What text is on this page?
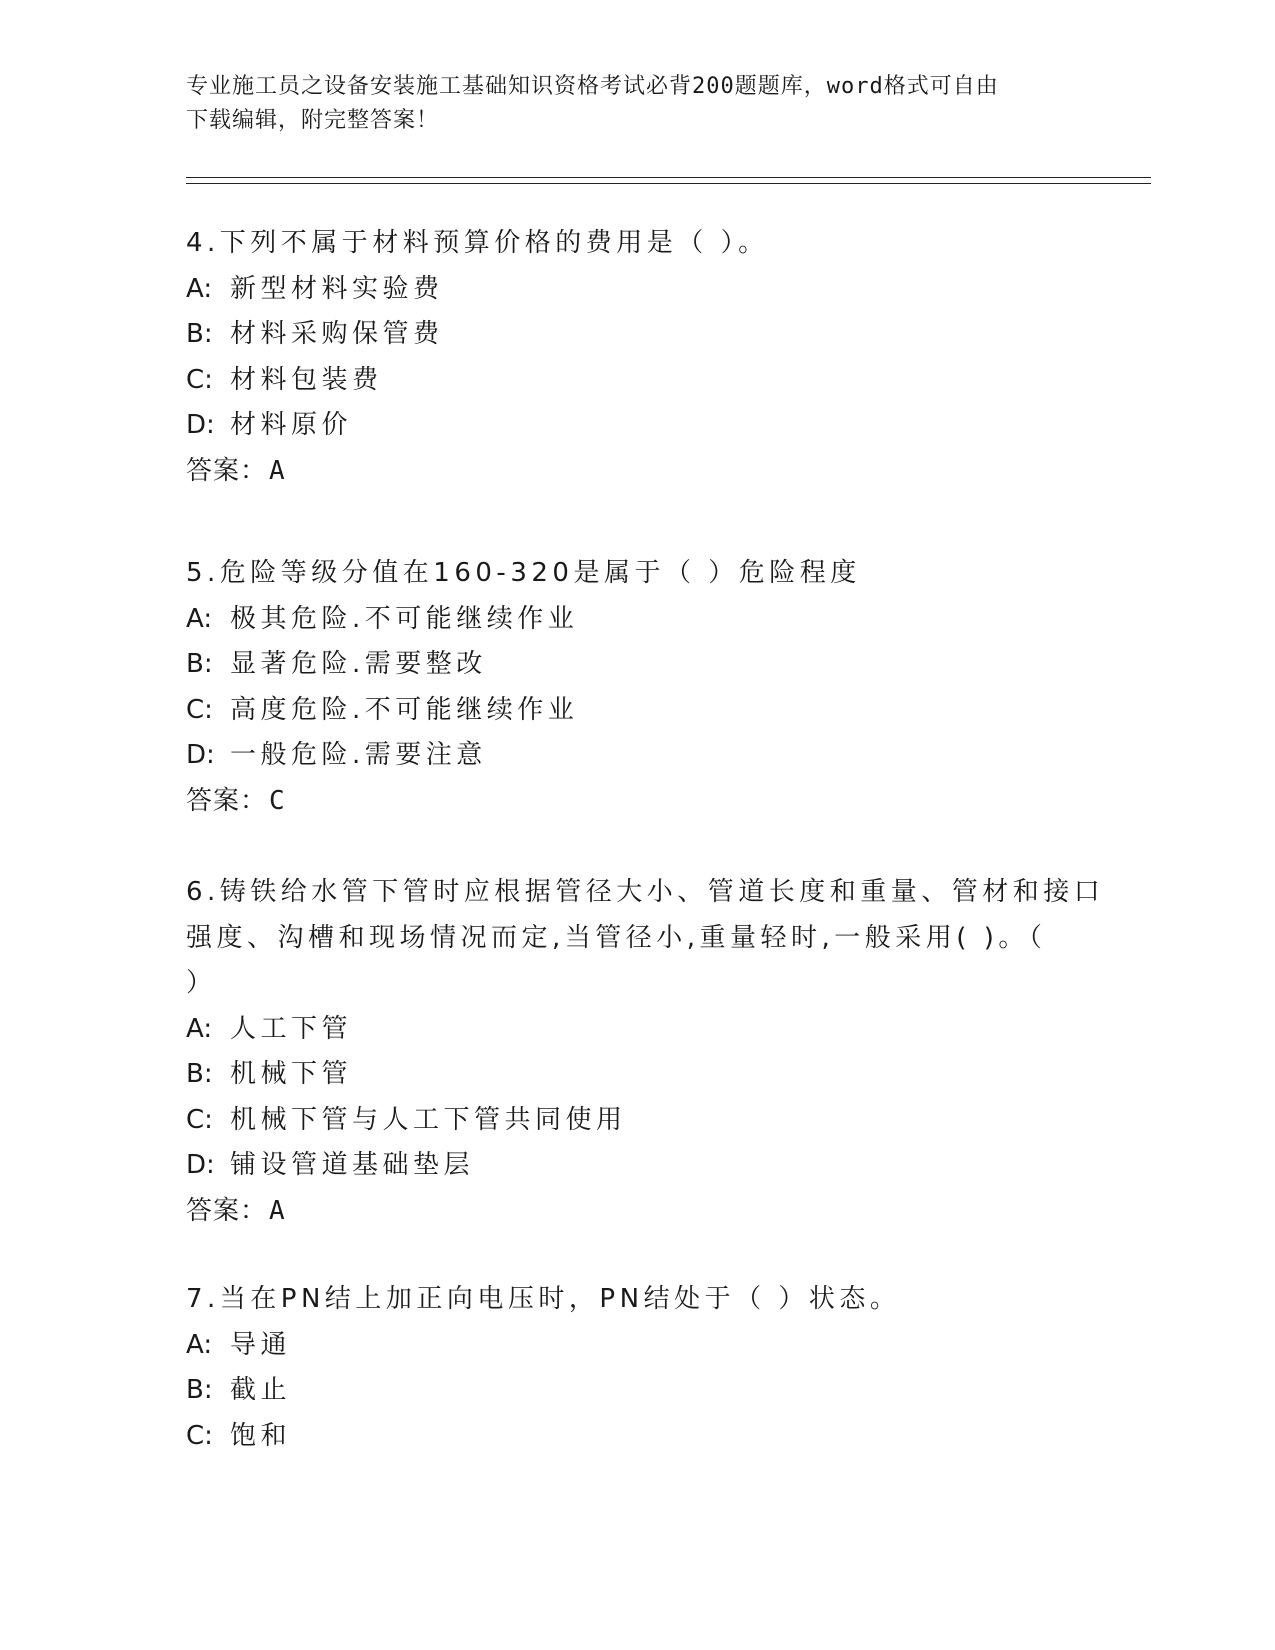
专业施工员之设备安装施工基础知识资格考试必背200题题库，word格式可自由
下载编辑，附完整答案！
4.下列不属于材料预算价格的费用是（ ）。
A: 新型材料实验费
B: 材料采购保管费
C: 材料包装费
D: 材料原价
答案：A
5.危险等级分值在160-320是属于（ ）危险程度
A: 极其危险.不可能继续作业
B: 显著危险.需要整改
C: 高度危险.不可能继续作业
D: 一般危险.需要注意
答案：C
6.铸铁给水管下管时应根据管径大小、管道长度和重量、管材和接口
强度、沟槽和现场情况而定,当管径小,重量轻时,一般采用( )。（
）
A: 人工下管
B: 机械下管
C: 机械下管与人工下管共同使用
D: 铺设管道基础垫层
答案：A
7.当在PN结上加正向电压时，PN结处于（ ）状态。
A: 导通
B: 截止
C: 饱和
